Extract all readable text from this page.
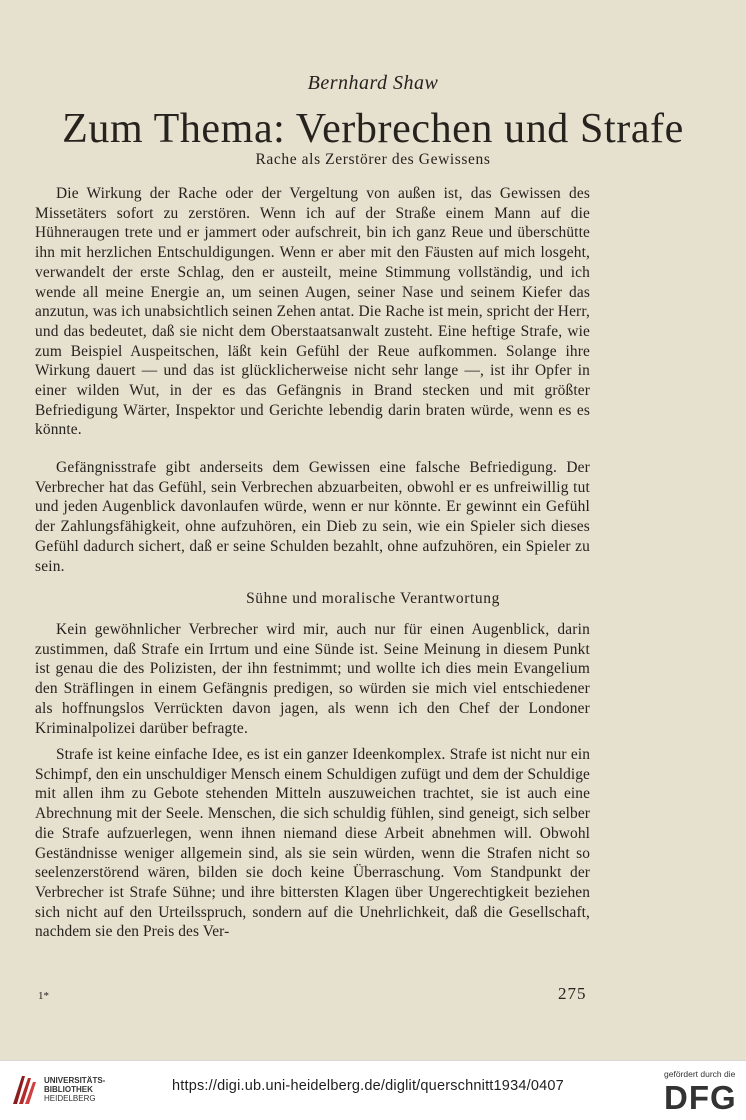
Bernhard Shaw
Zum Thema: Verbrechen und Strafe
Rache als Zerstörer des Gewissens
Die Wirkung der Rache oder der Vergeltung von außen ist, das Gewissen des Missetäters sofort zu zerstören. Wenn ich auf der Straße einem Mann auf die Hühneraugen trete und er jammert oder aufschreit, bin ich ganz Reue und überschütte ihn mit herzlichen Entschuldigungen. Wenn er aber mit den Fäusten auf mich losgeht, verwandelt der erste Schlag, den er austeilt, meine Stimmung vollständig, und ich wende all meine Energie an, um seinen Augen, seiner Nase und seinem Kiefer das anzutun, was ich unabsichtlich seinen Zehen antat. Die Rache ist mein, spricht der Herr, und das bedeutet, daß sie nicht dem Oberstaatsanwalt zusteht. Eine heftige Strafe, wie zum Beispiel Auspeitschen, läßt kein Gefühl der Reue aufkommen. Solange ihre Wirkung dauert — und das ist glücklicherweise nicht sehr lange —, ist ihr Opfer in einer wilden Wut, in der es das Gefängnis in Brand stecken und mit größter Befriedigung Wärter, Inspektor und Gerichte lebendig darin braten würde, wenn es es könnte.
Gefängnisstrafe gibt anderseits dem Gewissen eine falsche Befriedigung. Der Verbrecher hat das Gefühl, sein Verbrechen abzuarbeiten, obwohl er es unfreiwillig tut und jeden Augenblick davonlaufen würde, wenn er nur könnte. Er gewinnt ein Gefühl der Zahlungsfähigkeit, ohne aufzuhören, ein Dieb zu sein, wie ein Spieler sich dieses Gefühl dadurch sichert, daß er seine Schulden bezahlt, ohne aufzuhören, ein Spieler zu sein.
Sühne und moralische Verantwortung
Kein gewöhnlicher Verbrecher wird mir, auch nur für einen Augenblick, darin zustimmen, daß Strafe ein Irrtum und eine Sünde ist. Seine Meinung in diesem Punkt ist genau die des Polizisten, der ihn festnimmt; und wollte ich dies mein Evangelium den Sträflingen in einem Gefängnis predigen, so würden sie mich viel entschiedener als hoffnungslos Verrückten davon jagen, als wenn ich den Chef der Londoner Kriminalpolizei darüber befragte.
Strafe ist keine einfache Idee, es ist ein ganzer Ideenkomplex. Strafe ist nicht nur ein Schimpf, den ein unschuldiger Mensch einem Schuldigen zufügt und dem der Schuldige mit allen ihm zu Gebote stehenden Mitteln auszuweichen trachtet, sie ist auch eine Abrechnung mit der Seele. Menschen, die sich schuldig fühlen, sind geneigt, sich selber die Strafe aufzuerlegen, wenn ihnen niemand diese Arbeit abnehmen will. Obwohl Geständnisse weniger allgemein sind, als sie sein würden, wenn die Strafen nicht so seelenzerstörend wären, bilden sie doch keine Überraschung. Vom Standpunkt der Verbrecher ist Strafe Sühne; und ihre bittersten Klagen über Ungerechtigkeit beziehen sich nicht auf den Urteilsspruch, sondern auf die Unehrlichkeit, daß die Gesellschaft, nachdem sie den Preis des Ver-
1*	275
UNIVERSITÄTS-
BIBLIOTHEK
HEIDELBERG
https://digi.ub.uni-heidelberg.de/diglit/querschnitt1934/0407
gefördert durch die
DFG
